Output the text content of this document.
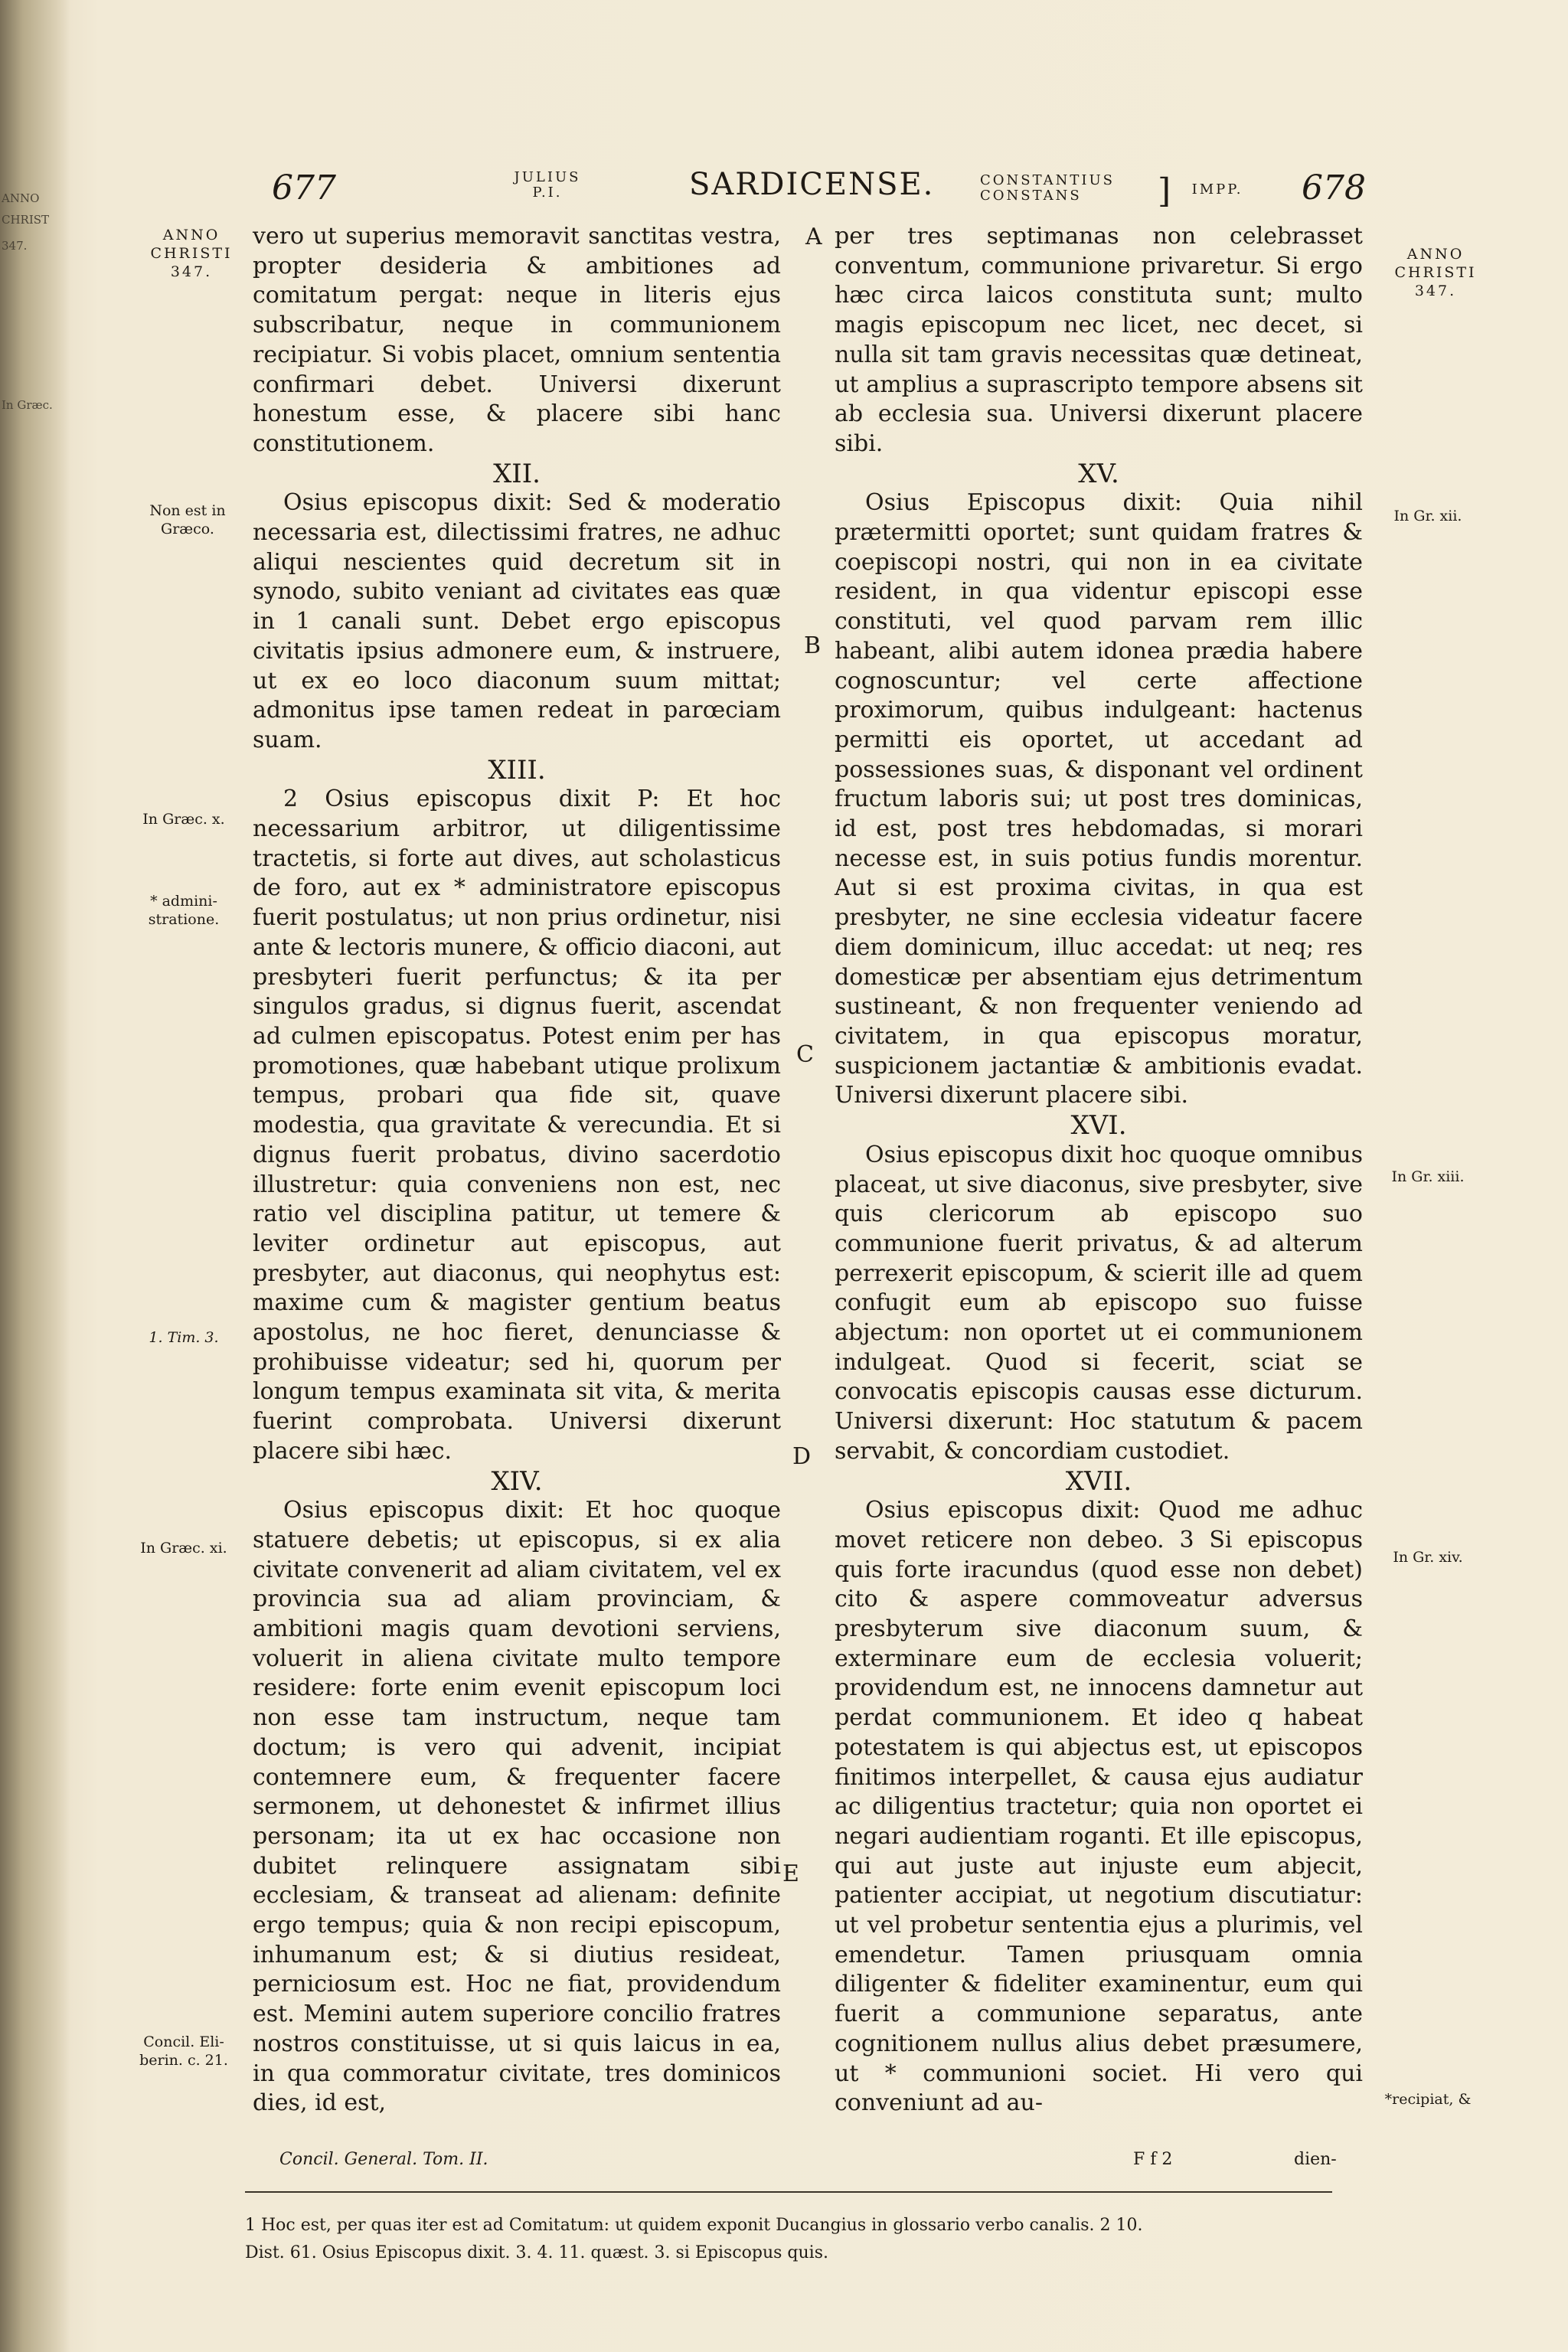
ANNO
CHRIST
347.
In Græc.
677	JULIUS
P.I.	SARDICENSE.	CONSTANTIUS
CONSTANS	]	IMPP.	678
ANNO
CHRISTI
347.
Non est in
Græco.
In Græc. x.
* admini-
stratione.
1. Tim. 3.
In Græc. xi.
Concil. Eli-
berin. c. 21.
ANNO
CHRISTI
347.
In Gr. xii.
In Gr. xiii.
In Gr. xiv.
*recipiat, &
A
B
C
D
E

vero ut superius memoravit sanctitas vestra, propter desideria & ambitiones ad comitatum pergat: neque in literis ejus subscribatur, neque in communionem recipiatur. Si vobis placet, omnium sententia confirmari debet. Universi dixerunt honestum esse, & placere sibi hanc constitutionem.

XII.

Osius episcopus dixit: Sed & moderatio necessaria est, dilectissimi fratres, ne adhuc aliqui nescientes quid decretum sit in synodo, subito veniant ad civitates eas quæ in 1 canali sunt. Debet ergo episcopus civitatis ipsius admonere eum, & instruere, ut ex eo loco diaconum suum mittat; admonitus ipse tamen redeat in parœciam suam.

XIII.

2 Osius episcopus dixit P: Et hoc necessarium arbitror, ut diligentissime tractetis, si forte aut dives, aut scholasticus de foro, aut ex * administratore episcopus fuerit postulatus; ut non prius ordinetur, nisi ante & lectoris munere, & officio diaconi, aut presbyteri fuerit perfunctus; & ita per singulos gradus, si dignus fuerit, ascendat ad culmen episcopatus. Potest enim per has promotiones, quæ habebant utique prolixum tempus, probari qua fide sit, quave modestia, qua gravitate & verecundia. Et si dignus fuerit probatus, divino sacerdotio illustretur: quia conveniens non est, nec ratio vel disciplina patitur, ut temere & leviter ordinetur aut episcopus, aut presbyter, aut diaconus, qui neophytus est: maxime cum & magister gentium beatus apostolus, ne hoc fieret, denunciasse & prohibuisse videatur; sed hi, quorum per longum tempus examinata sit vita, & merita fuerint comprobata. Universi dixerunt placere sibi hæc.

XIV.

Osius episcopus dixit: Et hoc quoque statuere debetis; ut episcopus, si ex alia civitate convenerit ad aliam civitatem, vel ex provincia sua ad aliam provinciam, & ambitioni magis quam devotioni serviens, voluerit in aliena civitate multo tempore residere: forte enim evenit episcopum loci non esse tam instructum, neque tam doctum; is vero qui advenit, incipiat contemnere eum, & frequenter facere sermonem, ut dehonestet & infirmet illius personam; ita ut ex hac occasione non dubitet relinquere assignatam sibi ecclesiam, & transeat ad alienam: definite ergo tempus; quia & non recipi episcopum, inhumanum est; & si diutius resideat, perniciosum est. Hoc ne fiat, providendum est. Memini autem superiore concilio fratres nostros constituisse, ut si quis laicus in ea, in qua commoratur civitate, tres dominicos dies, id est,

per tres septimanas non celebrasset conventum, communione privaretur. Si ergo hæc circa laicos constituta sunt; multo magis episcopum nec licet, nec decet, si nulla sit tam gravis necessitas quæ detineat, ut amplius a suprascripto tempore absens sit ab ecclesia sua. Universi dixerunt placere sibi.

XV.

Osius Episcopus dixit: Quia nihil prætermitti oportet; sunt quidam fratres & coepiscopi nostri, qui non in ea civitate resident, in qua videntur episcopi esse constituti, vel quod parvam rem illic habeant, alibi autem idonea prædia habere cognoscuntur; vel certe affectione proximorum, quibus indulgeant: hactenus permitti eis oportet, ut accedant ad possessiones suas, & disponant vel ordinent fructum laboris sui; ut post tres dominicas, id est, post tres hebdomadas, si morari necesse est, in suis potius fundis morentur. Aut si est proxima civitas, in qua est presbyter, ne sine ecclesia videatur facere diem dominicum, illuc accedat: ut neq; res domesticæ per absentiam ejus detrimentum sustineant, & non frequenter veniendo ad civitatem, in qua episcopus moratur, suspicionem jactantiæ & ambitionis evadat. Universi dixerunt placere sibi.

XVI.

Osius episcopus dixit hoc quoque omnibus placeat, ut sive diaconus, sive presbyter, sive quis clericorum ab episcopo suo communione fuerit privatus, & ad alterum perrexerit episcopum, & scierit ille ad quem confugit eum ab episcopo suo fuisse abjectum: non oportet ut ei communionem indulgeat. Quod si fecerit, sciat se convocatis episcopis causas esse dicturum. Universi dixerunt: Hoc statutum & pacem servabit, & concordiam custodiet.

XVII.

Osius episcopus dixit: Quod me adhuc movet reticere non debeo. 3 Si episcopus quis forte iracundus (quod esse non debet) cito & aspere commoveatur adversus presbyterum sive diaconum suum, & exterminare eum de ecclesia voluerit; providendum est, ne innocens damnetur aut perdat communionem. Et ideo q habeat potestatem is qui abjectus est, ut episcopos finitimos interpellet, & causa ejus audiatur ac diligentius tractetur; quia non oportet ei negari audientiam roganti. Et ille episcopus, qui aut juste aut injuste eum abjecit, patienter accipiat, ut negotium discutiatur: ut vel probetur sententia ejus a plurimis, vel emendetur. Tamen priusquam omnia diligenter & fideliter examinentur, eum qui fuerit a communione separatus, ante cognitionem nullus alius debet præsumere, ut * communioni societ. Hi vero qui conveniunt ad au-

Concil. General. Tom. II.	F f 2	dien-
1 Hoc est, per quas iter est ad Comitatum: ut quidem exponit Ducangius in glossario verbo canalis. 2 10.
Dist. 61. Osius Episcopus dixit. 3. 4. 11. quæst. 3. si Episcopus quis.
